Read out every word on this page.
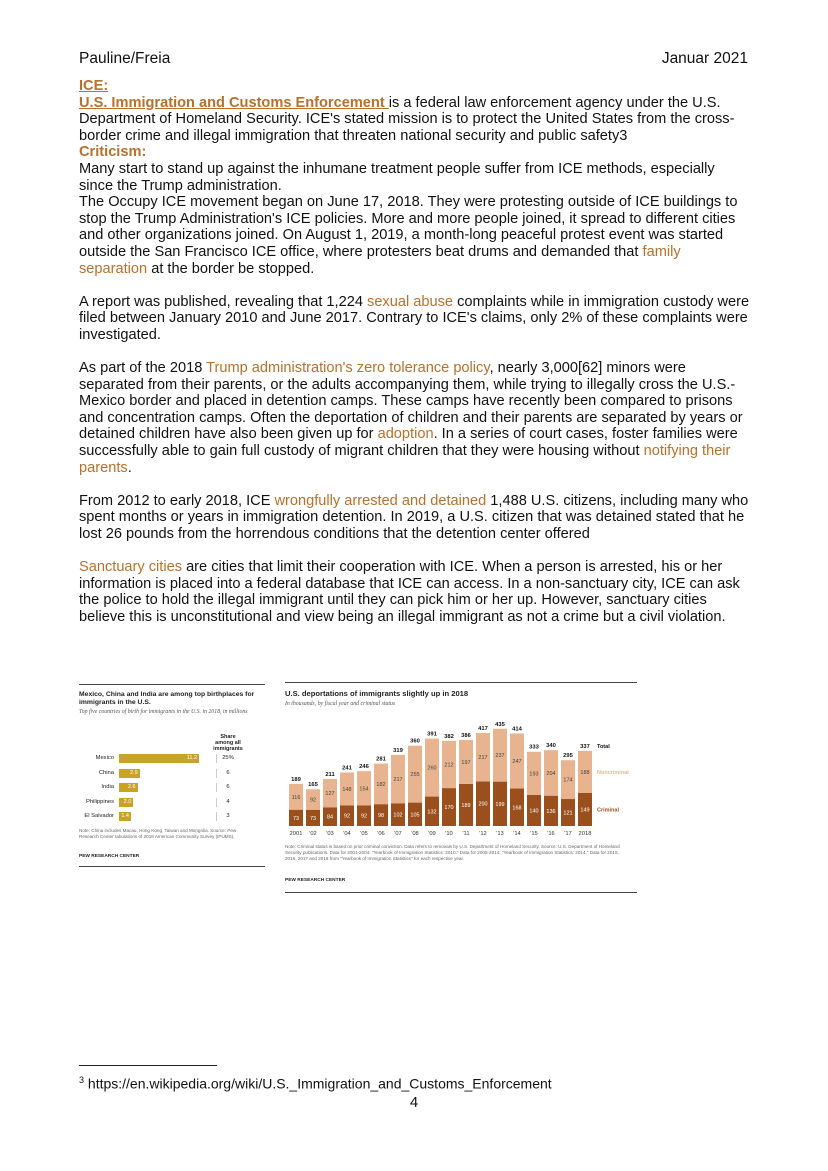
Pauline/Freia	Januar 2021

ICE:

U.S. Immigration and Customs Enforcement is a federal law enforcement agency under the U.S. Department of Homeland Security. ICE's stated mission is to protect the United States from the cross-border crime and illegal immigration that threaten national security and public safety3

Criticism:

Many start to stand up against the inhumane treatment people suffer from ICE methods, especially since the Trump administration.

The Occupy ICE movement began on June 17, 2018. They were protesting outside of ICE buildings to stop the Trump Administration's ICE policies. More and more people joined, it spread to different cities and other organizations joined. On August 1, 2019, a month-long peaceful protest event was started outside the San Francisco ICE office, where protesters beat drums and demanded that family separation at the border be stopped.

A report was published, revealing that 1,224 sexual abuse complaints while in immigration custody were filed between January 2010 and June 2017. Contrary to ICE's claims, only 2% of these complaints were investigated.

As part of the 2018 Trump administration's zero tolerance policy, nearly 3,000[62] minors were separated from their parents, or the adults accompanying them, while trying to illegally cross the U.S.-Mexico border and placed in detention camps. These camps have recently been compared to prisons and concentration camps. Often the deportation of children and their parents are separated by years or detained children have also been given up for adoption. In a series of court cases, foster families were successfully able to gain full custody of migrant children that they were housing without notifying their parents.

From 2012 to early 2018, ICE wrongfully arrested and detained 1,488 U.S. citizens, including many who spent months or years in immigration detention. In 2019, a U.S. citizen that was detained stated that he lost 26 pounds from the horrendous conditions that the detention center offered

Sanctuary cities are cities that limit their cooperation with ICE. When a person is arrested, his or her information is placed into a federal database that ICE can access. In a non-sanctuary city, ICE can ask the police to hold the illegal immigrant until they can pick him or her up. However, sanctuary cities believe this is unconstitutional and view being an illegal immigrant as not a crime but a civil violation.

Mexico, China and India are among top birthplaces for immigrants in the U.S.
Top five countries of birth for immigrants in the U.S. in 2018, in millions
Share among all immigrants
Mexico	11.2	25%
China	2.9	6
India	2.6	6
Philippines	2.0	4
El Salvador	1.4	3
Note: China includes Macau, Hong Kong, Taiwan and Mongolia. Source: Pew Research Center tabulations of 2018 American Community Survey (IPUMS).
PEW RESEARCH CENTER
U.S. deportations of immigrants slightly up in 2018
In thousands, by fiscal year and criminal status
73
116
189
2001
73
92
165
'02
84
127
211
'03
92
148
241
'04
92
154
246
'05
98
182
281
'06
102
217
319
'07
105
255
360
'08
132
260
391
'09
170
212
382
'10
189
197
386
'11
200
217
417
'12
199
237
435
'13
168
247
414
'14
140
193
333
'15
136
204
340
'16
121
174
295
'17
149
188
337
2018
Total
Noncriminal
Criminal
Note: Criminal status is based on prior criminal conviction. Data refers to removals by U.S. Department of Homeland Security. Source: U.S. Department of Homeland Security publications. Data for 2001-2004: "Yearbook of Immigration Statistics: 2010." Data for 2005-2014: "Yearbook of Immigration Statistics: 2014." Data for 2015, 2016, 2017 and 2018 from "Yearbook of Immigration Statistics" for each respective year.
PEW RESEARCH CENTER
$^3$ https://en.wikipedia.org/wiki/U.S._Immigration_and_Customs_Enforcement
4
